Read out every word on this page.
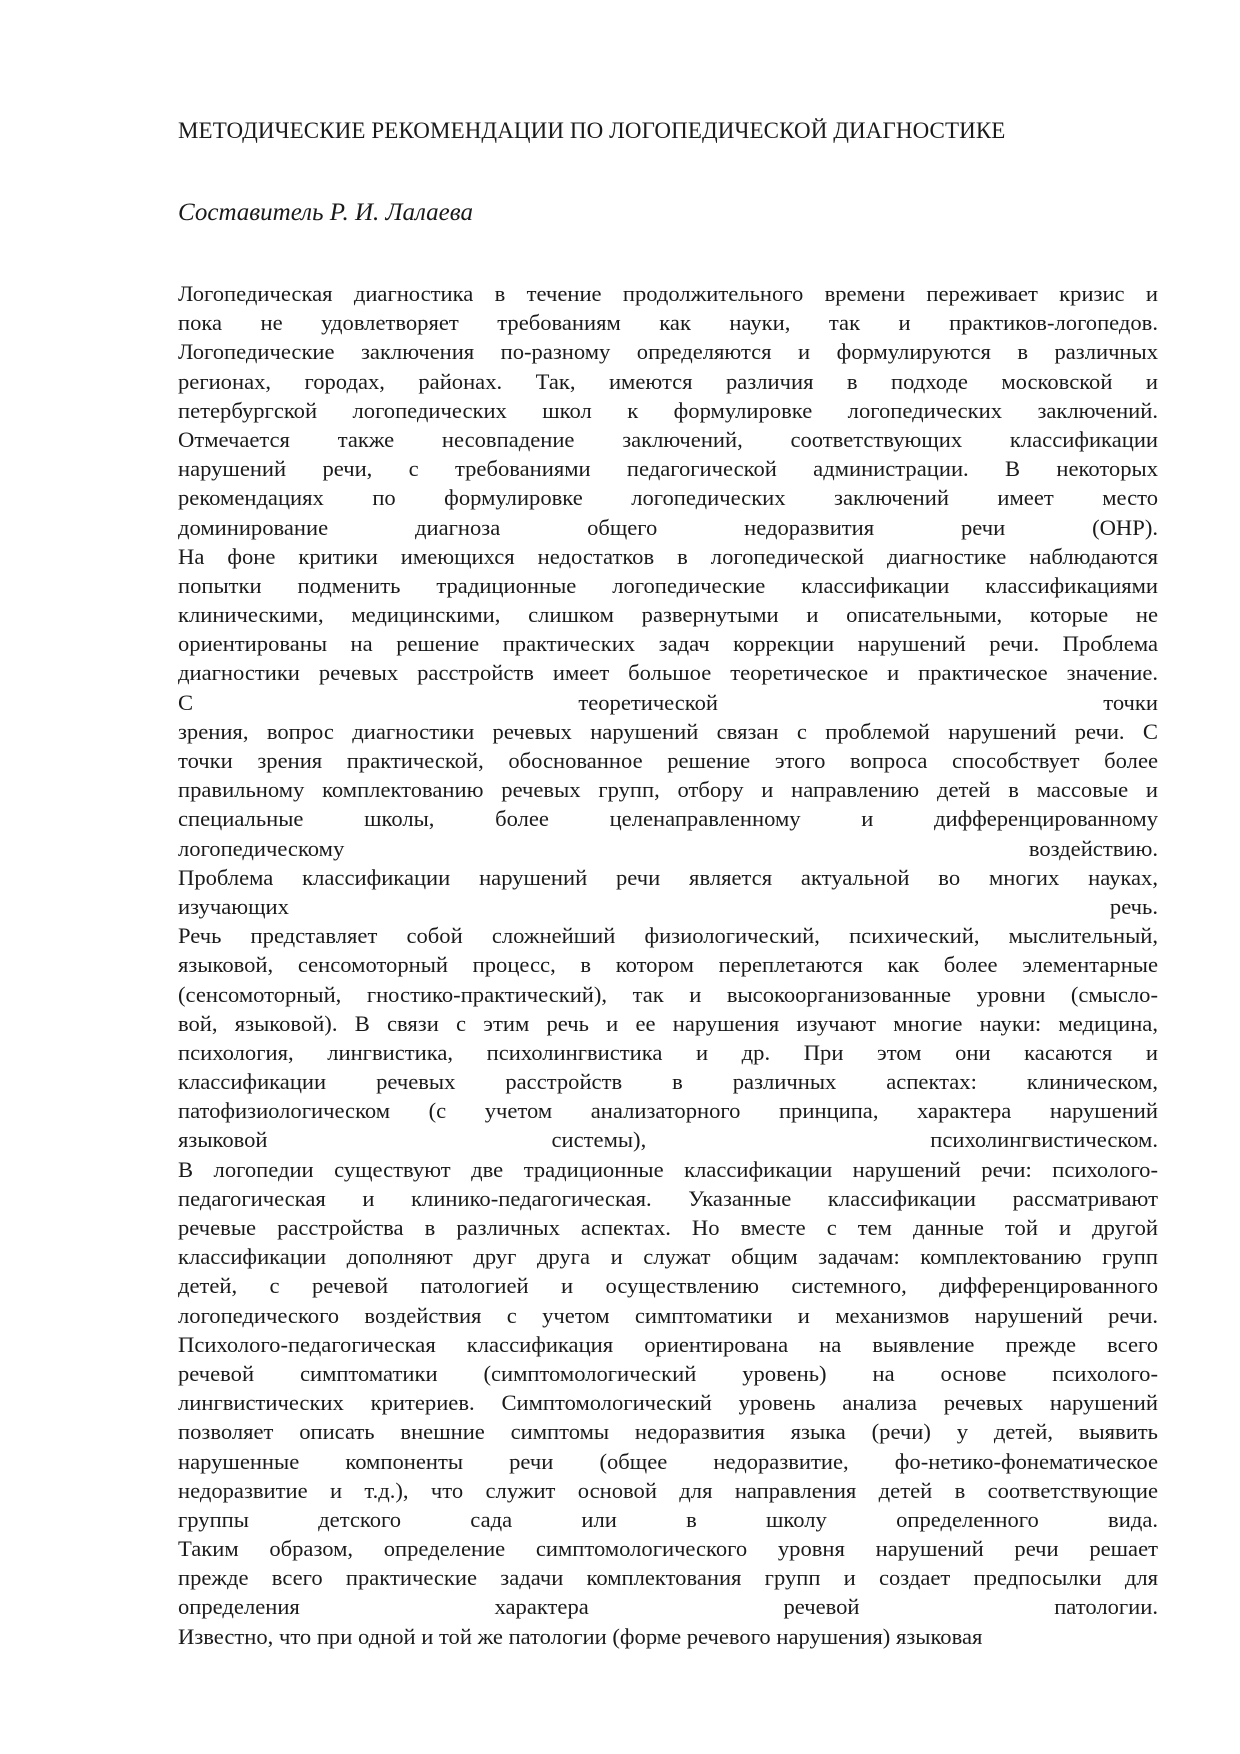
МЕТОДИЧЕСКИЕ РЕКОМЕНДАЦИИ ПО ЛОГОПЕДИЧЕСКОЙ ДИАГНОСТИКЕ

Составитель Р. И. Лалаева

Логопедическая диагностика в течение продолжительного времени переживает кризис и
пока не удовлетворяет требованиям как науки, так и практиков-логопедов.
Логопедические заключения по-разному определяются и формулируются в различных
регионах, городах, районах. Так, имеются различия в подходе московской и
петербургской логопедических школ к формулировке логопедических заключений.
Отмечается также несовпадение заключений, соответствующих классификации
нарушений речи, с требованиями педагогической администрации. В некоторых
рекомендациях по формулировке логопедических заключений имеет место
доминирование диагноза общего недоразвития речи (ОНР).
На фоне критики имеющихся недостатков в логопедической диагностике наблюдаются
попытки подменить традиционные логопедические классификации классификациями
клиническими, медицинскими, слишком развернутыми и описательными, которые не
ориентированы на решение практических задач коррекции нарушений речи. Проблема
диагностики речевых расстройств имеет большое теоретическое и практическое значение.
С теоретической точки
зрения, вопрос диагностики речевых нарушений связан с проблемой нарушений речи. С
точки зрения практической, обоснованное решение этого вопроса способствует более
правильному комплектованию речевых групп, отбору и направлению детей в массовые и
специальные школы, более целенаправленному и дифференцированному
логопедическому воздействию.
Проблема классификации нарушений речи является актуальной во многих науках,
изучающих речь.
Речь представляет собой сложнейший физиологический, психический, мыслительный,
языковой, сенсомоторный процесс, в котором переплетаются как более элементарные
(сенсомоторный, гностико-практический), так и высокоорганизованные уровни (смысло-
вой, языковой). В связи с этим речь и ее нарушения изучают многие науки: медицина,
психология, лингвистика, психолингвистика и др. При этом они касаются и
классификации речевых расстройств в различных аспектах: клиническом,
патофизиологическом (с учетом анализаторного принципа, характера нарушений
языковой системы), психолингвистическом.
В логопедии существуют две традиционные классификации нарушений речи: психолого-
педагогическая и клинико-педагогическая. Указанные классификации рассматривают
речевые расстройства в различных аспектах. Но вместе с тем данные той и другой
классификации дополняют друг друга и служат общим задачам: комплектованию групп
детей, с речевой патологией и осуществлению системного, дифференцированного
логопедического воздействия с учетом симптоматики и механизмов нарушений речи.
Психолого-педагогическая классификация ориентирована на выявление прежде всего
речевой симптоматики (симптомологический уровень) на основе психолого-
лингвистических критериев. Симптомологический уровень анализа речевых нарушений
позволяет описать внешние симптомы недоразвития языка (речи) у детей, выявить
нарушенные компоненты речи (общее недоразвитие, фо-нетико-фонематическое
недоразвитие и т.д.), что служит основой для направления детей в соответствующие
группы детского сада или в школу определенного вида.
Таким образом, определение симптомологического уровня нарушений речи решает
прежде всего практические задачи комплектования групп и создает предпосылки для
определения характера речевой патологии.
Известно, что при одной и той же патологии (форме речевого нарушения) языковая
